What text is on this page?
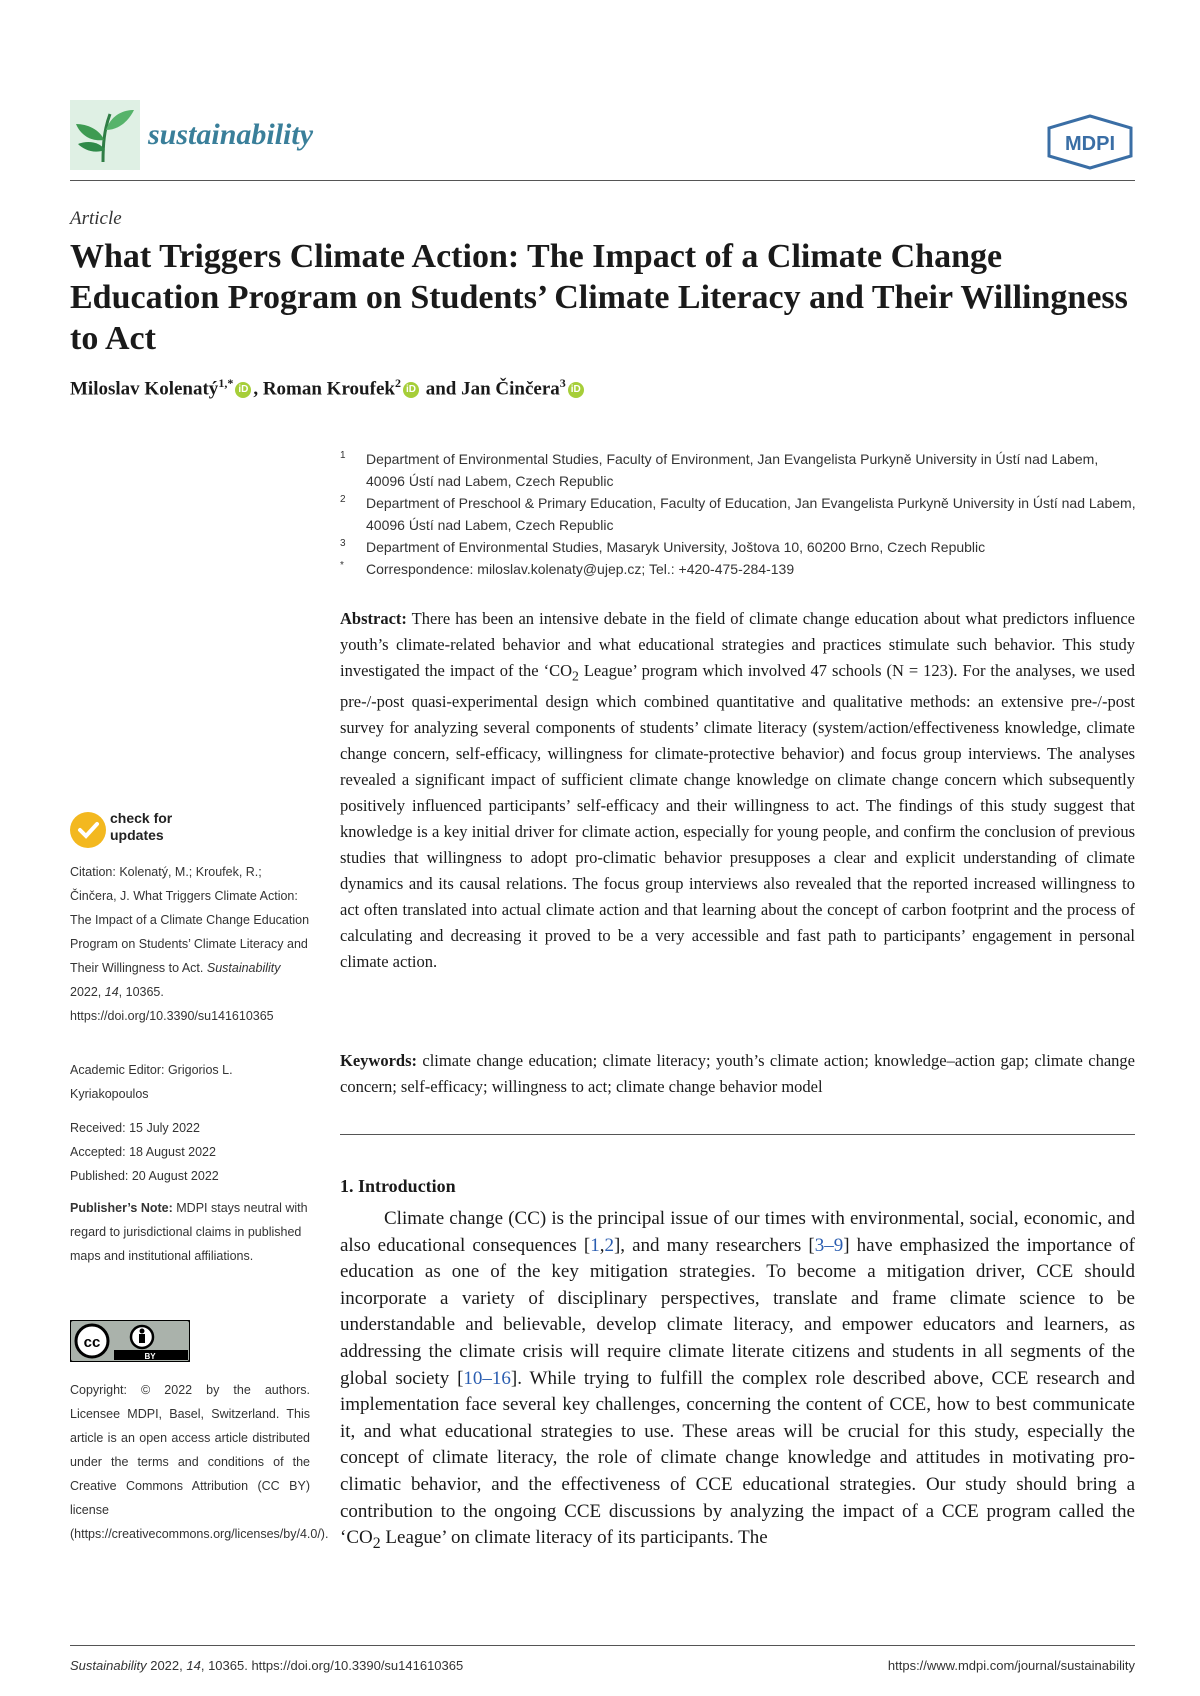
sustainability	MDPI
Article
What Triggers Climate Action: The Impact of a Climate Change Education Program on Students’ Climate Literacy and Their Willingness to Act
Miloslav Kolenatý$^{1,*}$ iD , Roman Kroufek$^2$ iD and Jan Činčera$^3$ iD
1 Department of Environmental Studies, Faculty of Environment, Jan Evangelista Purkyně University in Ústí nad Labem, 40096 Ústí nad Labem, Czech Republic
2 Department of Preschool & Primary Education, Faculty of Education, Jan Evangelista Purkyně University in Ústí nad Labem, 40096 Ústí nad Labem, Czech Republic
3 Department of Environmental Studies, Masaryk University, Joštova 10, 60200 Brno, Czech Republic
* Correspondence: miloslav.kolenaty@ujep.cz; Tel.: +420-475-284-139
Abstract: There has been an intensive debate in the field of climate change education about what predictors influence youth’s climate-related behavior and what educational strategies and practices stimulate such behavior. This study investigated the impact of the ‘$CO_2$ League’ program which involved 47 schools (N = 123). For the analyses, we used pre-/-post quasi-experimental design which combined quantitative and qualitative methods: an extensive pre-/-post survey for analyzing several components of students’ climate literacy (system/action/effectiveness knowledge, climate change concern, self-efficacy, willingness for climate-protective behavior) and focus group interviews. The analyses revealed a significant impact of sufficient climate change knowledge on climate change concern which subsequently positively influenced participants’ self-efficacy and their willingness to act. The findings of this study suggest that knowledge is a key initial driver for climate action, especially for young people, and confirm the conclusion of previous studies that willingness to adopt pro-climatic behavior presupposes a clear and explicit understanding of climate dynamics and its causal relations. The focus group interviews also revealed that the reported increased willingness to act often translated into actual climate action and that learning about the concept of carbon footprint and the process of calculating and decreasing it proved to be a very accessible and fast path to participants’ engagement in personal climate action.
Keywords: climate change education; climate literacy; youth’s climate action; knowledge–action gap; climate change concern; self-efficacy; willingness to act; climate change behavior model
1. Introduction
Climate change (CC) is the principal issue of our times with environmental, social, economic, and also educational consequences [1,2], and many researchers [3–9] have emphasized the importance of education as one of the key mitigation strategies. To become a mitigation driver, CCE should incorporate a variety of disciplinary perspectives, translate and frame climate science to be understandable and believable, develop climate literacy, and empower educators and learners, as addressing the climate crisis will require climate literate citizens and students in all segments of the global society [10–16]. While trying to fulfill the complex role described above, CCE research and implementation face several key challenges, concerning the content of CCE, how to best communicate it, and what educational strategies to use. These areas will be crucial for this study, especially the concept of climate literacy, the role of climate change knowledge and attitudes in motivating pro-climatic behavior, and the effectiveness of CCE educational strategies. Our study should bring a contribution to the ongoing CCE discussions by analyzing the impact of a CCE program called the ‘$CO_2$ League’ on climate literacy of its participants. The
check for
updates
Citation: Kolenatý, M.; Kroufek, R.; Činčera, J. What Triggers Climate Action: The Impact of a Climate Change Education Program on Students’ Climate Literacy and Their Willingness to Act. Sustainability 2022, 14, 10365. https://doi.org/10.3390/su141610365
Academic Editor: Grigorios L. Kyriakopoulos
Received: 15 July 2022
Accepted: 18 August 2022
Published: 20 August 2022
Publisher’s Note: MDPI stays neutral with regard to jurisdictional claims in published maps and institutional affiliations.
cc
BY
Copyright: © 2022 by the authors. Licensee MDPI, Basel, Switzerland. This article is an open access article distributed under the terms and conditions of the Creative Commons Attribution (CC BY) license (https://creativecommons.org/licenses/by/4.0/).
Sustainability 2022, 14, 10365. https://doi.org/10.3390/su141610365	https://www.mdpi.com/journal/sustainability
